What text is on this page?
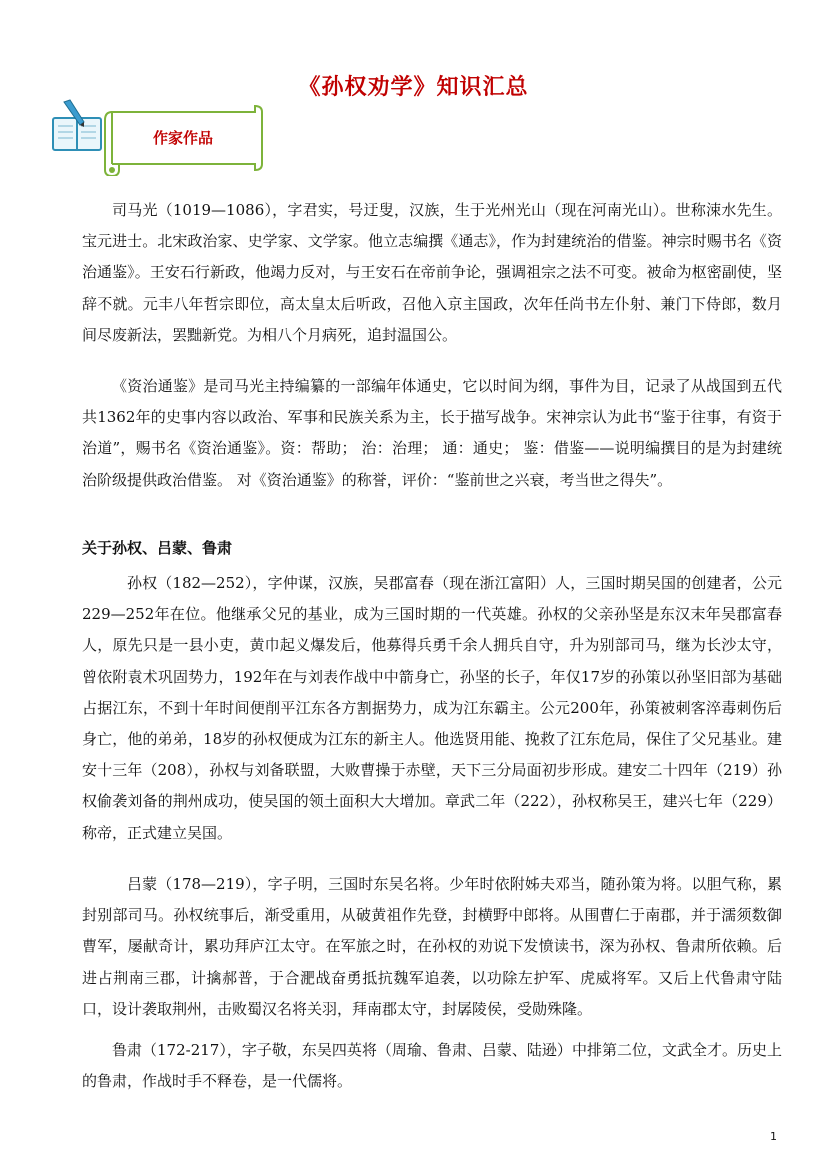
《孙权劝学》知识汇总
作家作品

司马光（1019—1086），字君实，号迂叟，汉族，生于光州光山（现在河南光山）。世称涑水先生。宝元进士。北宋政治家、史学家、文学家。他立志编撰《通志》，作为封建统治的借鉴。神宗时赐书名《资治通鉴》。王安石行新政，他竭力反对，与王安石在帝前争论，强调祖宗之法不可变。被命为枢密副使，坚辞不就。元丰八年哲宗即位，高太皇太后听政，召他入京主国政，次年任尚书左仆射、兼门下侍郎，数月间尽废新法，罢黜新党。为相八个月病死，追封温国公。

《资治通鉴》是司马光主持编纂的一部编年体通史，它以时间为纲，事件为目，记录了从战国到五代共1362年的史事内容以政治、军事和民族关系为主，长于描写战争。宋神宗认为此书“鉴于往事，有资于治道”，赐书名《资治通鉴》。资：帮助； 治：治理； 通：通史； 鉴：借鉴——说明编撰目的是为封建统治阶级提供政治借鉴。 对《资治通鉴》的称誉，评价：“鉴前世之兴衰，考当世之得失”。

关于孙权、吕蒙、鲁肃

孙权（182—252），字仲谋，汉族，吴郡富春（现在浙江富阳）人，三国时期吴国的创建者，公元229—252年在位。他继承父兄的基业，成为三国时期的一代英雄。孙权的父亲孙坚是东汉末年吴郡富春人，原先只是一县小吏，黄巾起义爆发后，他募得兵勇千余人拥兵自守，升为别部司马，继为长沙太守，曾依附袁术巩固势力，192年在与刘表作战中中箭身亡，孙坚的长子，年仅17岁的孙策以孙坚旧部为基础占据江东，不到十年时间便削平江东各方割据势力，成为江东霸主。公元200年，孙策被刺客淬毒刺伤后身亡，他的弟弟，18岁的孙权便成为江东的新主人。他选贤用能、挽救了江东危局，保住了父兄基业。建安十三年（208），孙权与刘备联盟，大败曹操于赤壁，天下三分局面初步形成。建安二十四年（219）孙权偷袭刘备的荆州成功，使吴国的领土面积大大增加。章武二年（222），孙权称吴王，建兴七年（229）称帝，正式建立吴国。

吕蒙（178—219），字子明，三国时东吴名将。少年时依附姊夫邓当，随孙策为将。以胆气称，累封别部司马。孙权统事后，渐受重用，从破黄祖作先登，封横野中郎将。从围曹仁于南郡，并于濡须数御曹军，屡献奇计，累功拜庐江太守。在军旅之时，在孙权的劝说下发愤读书，深为孙权、鲁肃所依赖。后进占荆南三郡，计擒郝普，于合淝战奋勇抵抗魏军追袭，以功除左护军、虎威将军。又后上代鲁肃守陆口，设计袭取荆州，击败蜀汉名将关羽，拜南郡太守，封孱陵侯，受勋殊隆。

鲁肃（172-217），字子敬，东吴四英将（周瑜、鲁肃、吕蒙、陆逊）中排第二位，文武全才。历史上的鲁肃，作战时手不释卷，是一代儒将。

1
